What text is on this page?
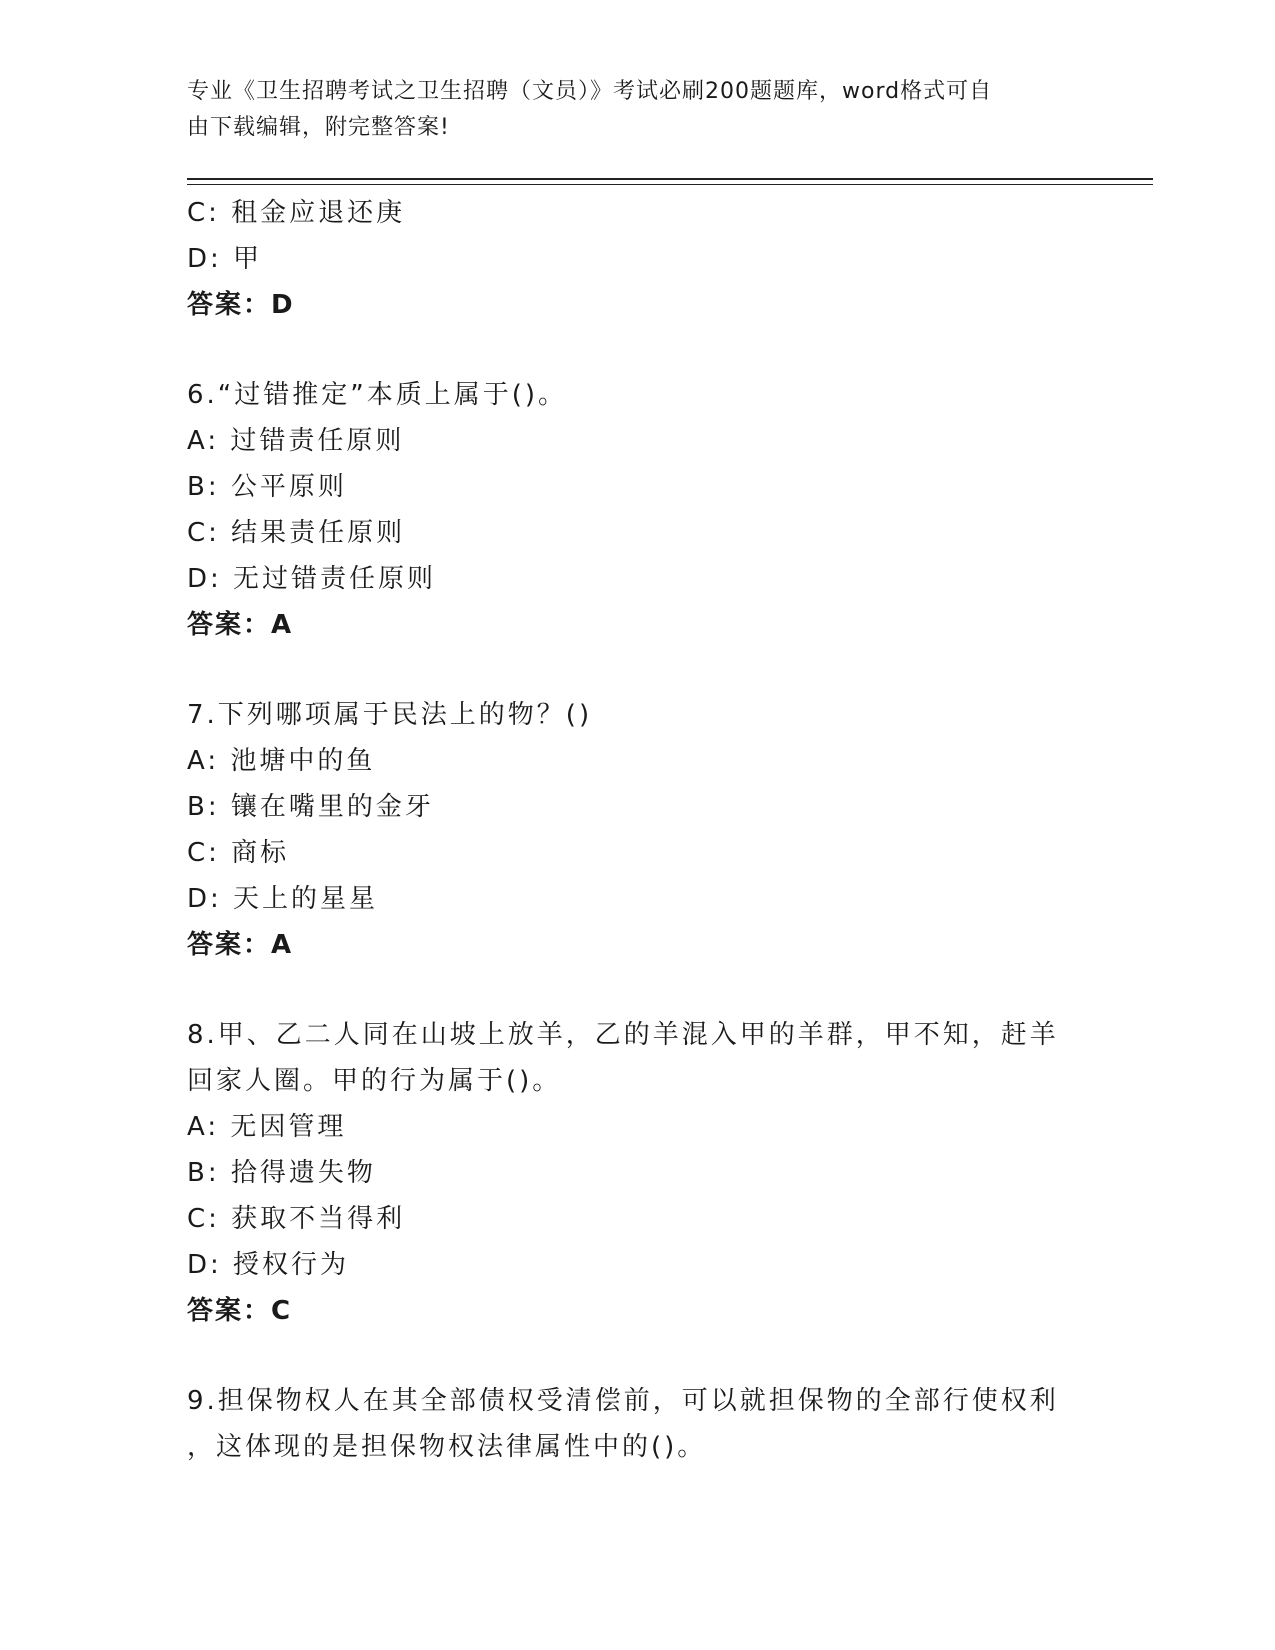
专业《卫生招聘考试之卫生招聘（文员）》考试必刷200题题库，word格式可自
由下载编辑，附完整答案!
C: 租金应退还庚
D: 甲
答案：D
6.“过错推定”本质上属于()。
A: 过错责任原则
B: 公平原则
C: 结果责任原则
D: 无过错责任原则
答案：A
7.下列哪项属于民法上的物？()
A: 池塘中的鱼
B: 镶在嘴里的金牙
C: 商标
D: 天上的星星
答案：A
8.甲、乙二人同在山坡上放羊，乙的羊混入甲的羊群，甲不知，赶羊
回家人圈。甲的行为属于()。
A: 无因管理
B: 拾得遗失物
C: 获取不当得利
D: 授权行为
答案：C
9.担保物权人在其全部债权受清偿前，可以就担保物的全部行使权利
，这体现的是担保物权法律属性中的()。
